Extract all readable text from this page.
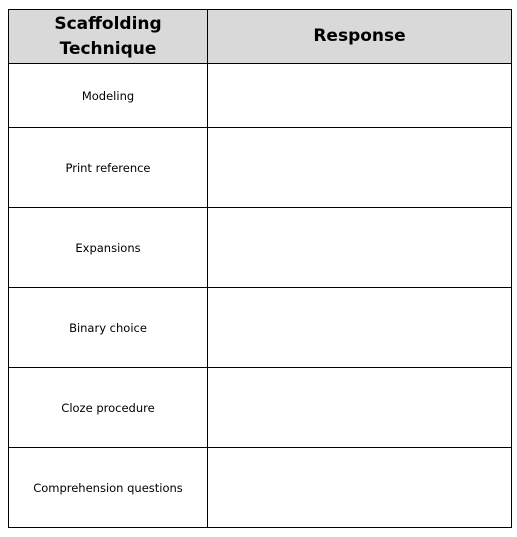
Scaffolding
Technique	Response
Modeling	
Print reference	
Expansions	
Binary choice	
Cloze procedure	
Comprehension questions	
